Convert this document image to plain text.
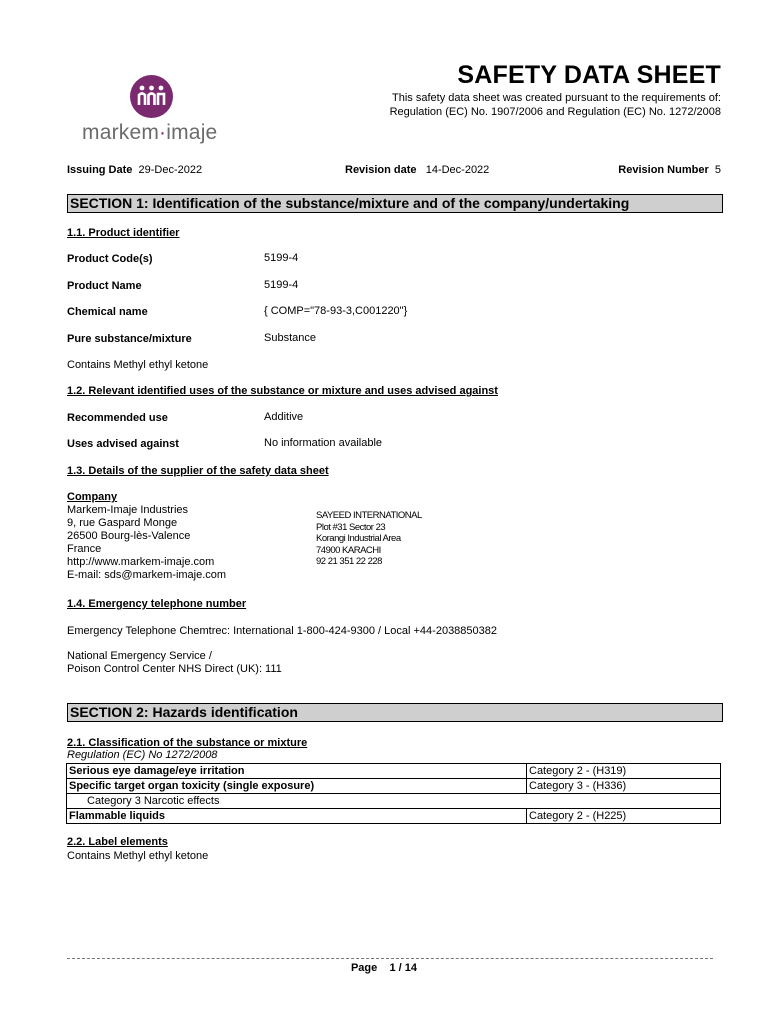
markem·imaje
SAFETY DATA SHEET
This safety data sheet was created pursuant to the requirements of:
Regulation (EC) No. 1907/2006 and Regulation (EC) No. 1272/2008
Issuing Date 29-Dec-2022	Revision date 14-Dec-2022	Revision Number 5
SECTION 1: Identification of the substance/mixture and of the company/undertaking
1.1. Product identifier
Product Code(s)	5199-4
Product Name	5199-4
Chemical name	{ COMP="78-93-3,C001220"}
Pure substance/mixture	Substance
Contains Methyl ethyl ketone
1.2. Relevant identified uses of the substance or mixture and uses advised against
Recommended use	Additive
Uses advised against	No information available
1.3. Details of the supplier of the safety data sheet
Company
Markem-Imaje Industries
9, rue Gaspard Monge
26500 Bourg-lès-Valence
France
http://www.markem-imaje.com
E-mail: sds@markem-imaje.com
SAYEED INTERNATIONAL
Plot #31 Sector 23
Korangi Industrial Area
74900 KARACHI
92 21 351 22 228
1.4. Emergency telephone number
Emergency Telephone Chemtrec: International 1-800-424-9300 / Local +44-2038850382
National Emergency Service /
Poison Control Center NHS Direct (UK): 111
SECTION 2: Hazards identification
2.1. Classification of the substance or mixture
Regulation (EC) No 1272/2008
Serious eye damage/eye irritation	Category 2 - (H319)
Specific target organ toxicity (single exposure)	Category 3 - (H336)
Category 3 Narcotic effects	
Flammable liquids	Category 2 - (H225)
2.2. Label elements
Contains Methyl ethyl ketone
Page 1 / 14
